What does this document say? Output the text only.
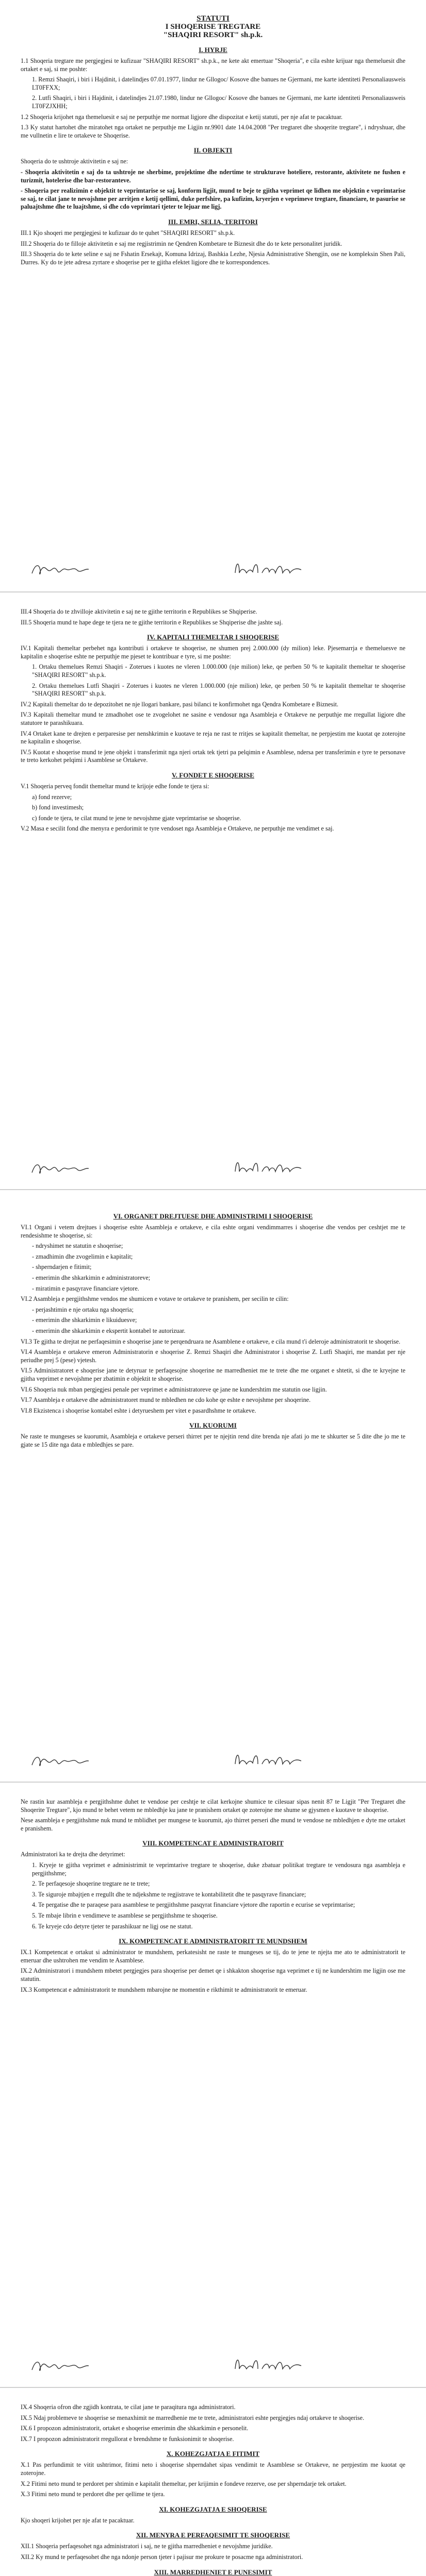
STATUTI

I SHOQERISE TREGTARE

"SHAQIRI RESORT" sh.p.k.

I. HYRJE

1.1 Shoqeria tregtare me pergjegjesi te kufizuar "SHAQIRI RESORT" sh.p.k., ne kete akt emertuar "Shoqeria", e cila eshte krijuar nga themeluesit dhe ortaket e saj, si me poshte:

1. Remzi Shaqiri, i biri i Hajdinit, i datelindjes 07.01.1977, lindur ne Gllogoc/ Kosove dhe banues ne Gjermani, me karte identiteti Personaliausweis LT0FFXX;

2. Lutfi Shaqiri, i biri i Hajdinit, i datelindjes 21.07.1980, lindur ne Gllogoc/ Kosove dhe banues ne Gjermani, me karte identiteti Personaliausweis LT0FZJXHH;

1.2 Shoqeria krijohet nga themeluesit e saj ne perputhje me normat ligjore dhe dispozitat e ketij statuti, per nje afat te pacaktuar.

1.3 Ky statut hartohet dhe miratohet nga ortaket ne perputhje me Ligjin nr.9901 date 14.04.2008 "Per tregtaret dhe shoqerite tregtare", i ndryshuar, dhe me vullnetin e lire te ortakeve te Shoqerise.

II. OBJEKTI

Shoqeria do te ushtroje aktivitetin e saj ne:

- Shoqeria aktivitetin e saj do ta ushtroje ne sherbime, projektime dhe ndertime te strukturave hoteliere, restorante, aktivitete ne fushen e turizmit, hotelerise dhe bar-restoranteve.

- Shoqeria per realizimin e objektit te veprimtarise se saj, konform ligjit, mund te beje te gjitha veprimet qe lidhen me objektin e veprimtarise se saj, te cilat jane te nevojshme per arritjen e ketij qellimi, duke perfshire, pa kufizim, kryerjen e veprimeve tregtare, financiare, te pasurise se paluajtshme dhe te luajtshme, si dhe cdo veprimtari tjeter te lejuar me ligj.

III. EMRI, SELIA, TERITORI

III.1 Kjo shoqeri me pergjegjesi te kufizuar do te quhet "SHAQIRI RESORT" sh.p.k.

III.2 Shoqeria do te filloje aktivitetin e saj me regjistrimin ne Qendren Kombetare te Biznesit dhe do te kete personalitet juridik.

III.3 Shoqeria do te kete seline e saj ne Fshatin Ersekajt, Komuna Idrizaj, Bashkia Lezhe, Njesia Administrative Shengjin, ose ne kompleksin Shen Pali, Durres. Ky do te jete adresa zyrtare e shoqerise per te gjitha efektet ligjore dhe te korrespondences.

III.4 Shoqeria do te zhvilloje aktivitetin e saj ne te gjithe territorin e Republikes se Shqiperise.

III.5 Shoqeria mund te hape dege te tjera ne te gjithe territorin e Republikes se Shqiperise dhe jashte saj.

IV. KAPITALI THEMELTAR I SHOQERISE

IV.1 Kapitali themeltar perbehet nga kontributi i ortakeve te shoqerise, ne shumen prej 2.000.000 (dy milion) leke. Pjesemarrja e themeluesve ne kapitalin e shoqerise eshte ne perputhje me pjeset te kontribuar e tyre, si me poshte:

1. Ortaku themelues Remzi Shaqiri - Zoterues i kuotes ne vleren 1.000.000 (nje milion) leke, qe perben 50 % te kapitalit themeltar te shoqerise "SHAQIRI RESORT" sh.p.k.

2. Ortaku themelues Lutfi Shaqiri - Zoterues i kuotes ne vleren 1.000.000 (nje milion) leke, qe perben 50 % te kapitalit themeltar te shoqerise "SHAQIRI RESORT" sh.p.k.

IV.2 Kapitali themeltar do te depozitohet ne nje llogari bankare, pasi bilanci te konfirmohet nga Qendra Kombetare e Biznesit.

IV.3 Kapitali themeltar mund te zmadhohet ose te zvogelohet ne sasine e vendosur nga Asambleja e Ortakeve ne perputhje me rregullat ligjore dhe statutore te parashikuara.

IV.4 Ortaket kane te drejten e perparesise per nenshkrimin e kuotave te reja ne rast te rritjes se kapitalit themeltar, ne perpjestim me kuotat qe zoterojne ne kapitalin e shoqerise.

IV.5 Kuotat e shoqerise mund te jene objekt i transferimit nga njeri ortak tek tjetri pa pelqimin e Asamblese, ndersa per transferimin e tyre te personave te treto kerkohet pelqimi i Asamblese se Ortakeve.

V. FONDET E SHOQERISE

V.1 Shoqeria perveq fondit themeltar mund te krijoje edhe fonde te tjera si:

a) fond rezerve;

b) fond investimesh;

c) fonde te tjera, te cilat mund te jene te nevojshme gjate veprimtarise se shoqerise.

V.2 Masa e secilit fond dhe menyra e perdorimit te tyre vendoset nga Asambleja e Ortakeve, ne perputhje me vendimet e saj.

VI. ORGANET DREJTUESE DHE ADMINISTRIMI I SHOQERISE

VI.1 Organi i vetem drejtues i shoqerise eshte Asambleja e ortakeve, e cila eshte organi vendimmarres i shoqerise dhe vendos per ceshtjet me te rendesishme te shoqerise, si:

- ndryshimet ne statutin e shoqerise;

- zmadhimin dhe zvogelimin e kapitalit;

- shperndarjen e fitimit;

- emerimin dhe shkarkimin e administratoreve;

- miratimin e pasqyrave financiare vjetore.

VI.2 Asambleja e pergjithshme vendos me shumicen e votave te ortakeve te pranishem, per secilin te cilin:

- perjashtimin e nje ortaku nga shoqeria;

- emerimin dhe shkarkimin e likuiduesve;

- emerimin dhe shkarkimin e ekspertit kontabel te autorizuar.

VI.3 Te gjitha te drejtat ne perfaqesimin e shoqerise jane te perqendruara ne Asamblene e ortakeve, e cila mund t'i deleroje administratorit te shoqerise.

VI.4 Asambleja e ortakeve emeron Administratorin e shoqerise Z. Remzi Shaqiri dhe Administrator i shoqerise Z. Lutfi Shaqiri, me mandat per nje periudhe prej 5 (pese) vjetesh.

VI.5 Administratoret e shoqerise jane te detyruar te perfaqesojne shoqerine ne marredheniet me te trete dhe me organet e shtetit, si dhe te kryejne te gjitha veprimet e nevojshme per zbatimin e objektit te shoqerise.

VI.6 Shoqeria nuk mban pergjegjesi penale per veprimet e administratoreve qe jane ne kundershtim me statutin ose ligjin.

VI.7 Asambleja e ortakeve dhe administratoret mund te mbledhen ne cdo kohe qe eshte e nevojshme per shoqerine.

VI.8 Ekzistenca i shoqerise kontabel eshte i detyrueshem per vitet e pasardhshme te ortakeve.

VII. KUORUMI

Ne raste te mungeses se kuorumit, Asambleja e ortakeve perseri thirret per te njejtin rend dite brenda nje afati jo me te shkurter se 5 dite dhe jo me te gjate se 15 dite nga data e mbledhjes se pare.

Ne rastin kur asambleja e pergjithshme duhet te vendose per ceshtje te cilat kerkojne shumice te cilesuar sipas nenit 87 te Ligjit "Per Tregtaret dhe Shoqerite Tregtare", kjo mund te behet vetem ne mbledhje ku jane te pranishem ortaket qe zoterojne me shume se gjysmen e kuotave te shoqerise.

Nese asambleja e pergjithshme nuk mund te mblidhet per mungese te kuorumit, ajo thirret perseri dhe mund te vendose ne mbledhjen e dyte me ortaket e pranishem.

VIII. KOMPETENCAT E ADMINISTRATORIT

Administratori ka te drejta dhe detyrimet:

1. Kryeje te gjitha veprimet e administrimit te veprimtarive tregtare te shoqerise, duke zbatuar politikat tregtare te vendosura nga asambleja e pergjithshme;

2. Te perfaqesoje shoqerine tregtare ne te trete;

3. Te siguroje mbajtjen e rregullt dhe te ndjekshme te regjistrave te kontabilitetit dhe te pasqyrave financiare;

4. Te pergatise dhe te paraqese para asamblese te pergjithshme pasqyrat financiare vjetore dhe raportin e ecurise se veprimtarise;

5. Te mbaje librin e vendimeve te asamblese se pergjithshme te shoqerise.

6. Te kryeje cdo detyre tjeter te parashikuar ne ligj ose ne statut.

IX. KOMPETENCAT E ADMINISTRATORIT TE MUNDSHEM

IX.1 Kompetencat e ortakut si administrator te mundshem, perkatesisht ne raste te mungeses se tij, do te jene te njejta me ato te administratorit te emeruar dhe ushtrohen me vendim te Asamblese.

IX.2 Administratori i mundshem mbetet pergjegjes para shoqerise per demet qe i shkakton shoqerise nga veprimet e tij ne kundershtim me ligjin ose me statutin.

IX.3 Kompetencat e administratorit te mundshem mbarojne ne momentin e rikthimit te administratorit te emeruar.

IX.4 Shoqeria ofron dhe zgjidh kontrata, te cilat jane te paraqitura nga administratori.

IX.5 Ndaj problemeve te shoqerise se menaxhimit ne marredhenie me te trete, administratori eshte pergjegjes ndaj ortakeve te shoqerise.

IX.6 I propozon administratorit, ortaket e shoqerise emerimin dhe shkarkimin e personelit.

IX.7 I propozon administratorit rregullorat e brendshme te funksionimit te shoqerise.

X. KOHEZGJATJA E FITIMIT

X.1 Pas perfundimit te vitit ushtrimor, fitimi neto i shoqerise shperndahet sipas vendimit te Asamblese se Ortakeve, ne perpjestim me kuotat qe zoterojne.

X.2 Fitimi neto mund te perdoret per shtimin e kapitalit themeltar, per krijimin e fondeve rezerve, ose per shperndarje tek ortaket.

X.3 Fitimi neto mund te perdoret dhe per qellime te tjera.

XI. KOHEZGJATJA E SHOQERISE

Kjo shoqeri krijohet per nje afat te pacaktuar.

XII. MENYRA E PERFAQESIMIT TE SHOQERISE

XII.1 Shoqeria perfaqesohet nga administratori i saj, ne te gjitha marredheniet e nevojshme juridike.

XII.2 Ky mund te perfaqesohet dhe nga ndonje person tjeter i pajisur me prokure te posacme nga administratori.

XIII. MARREDHENIET E PUNESIMIT
